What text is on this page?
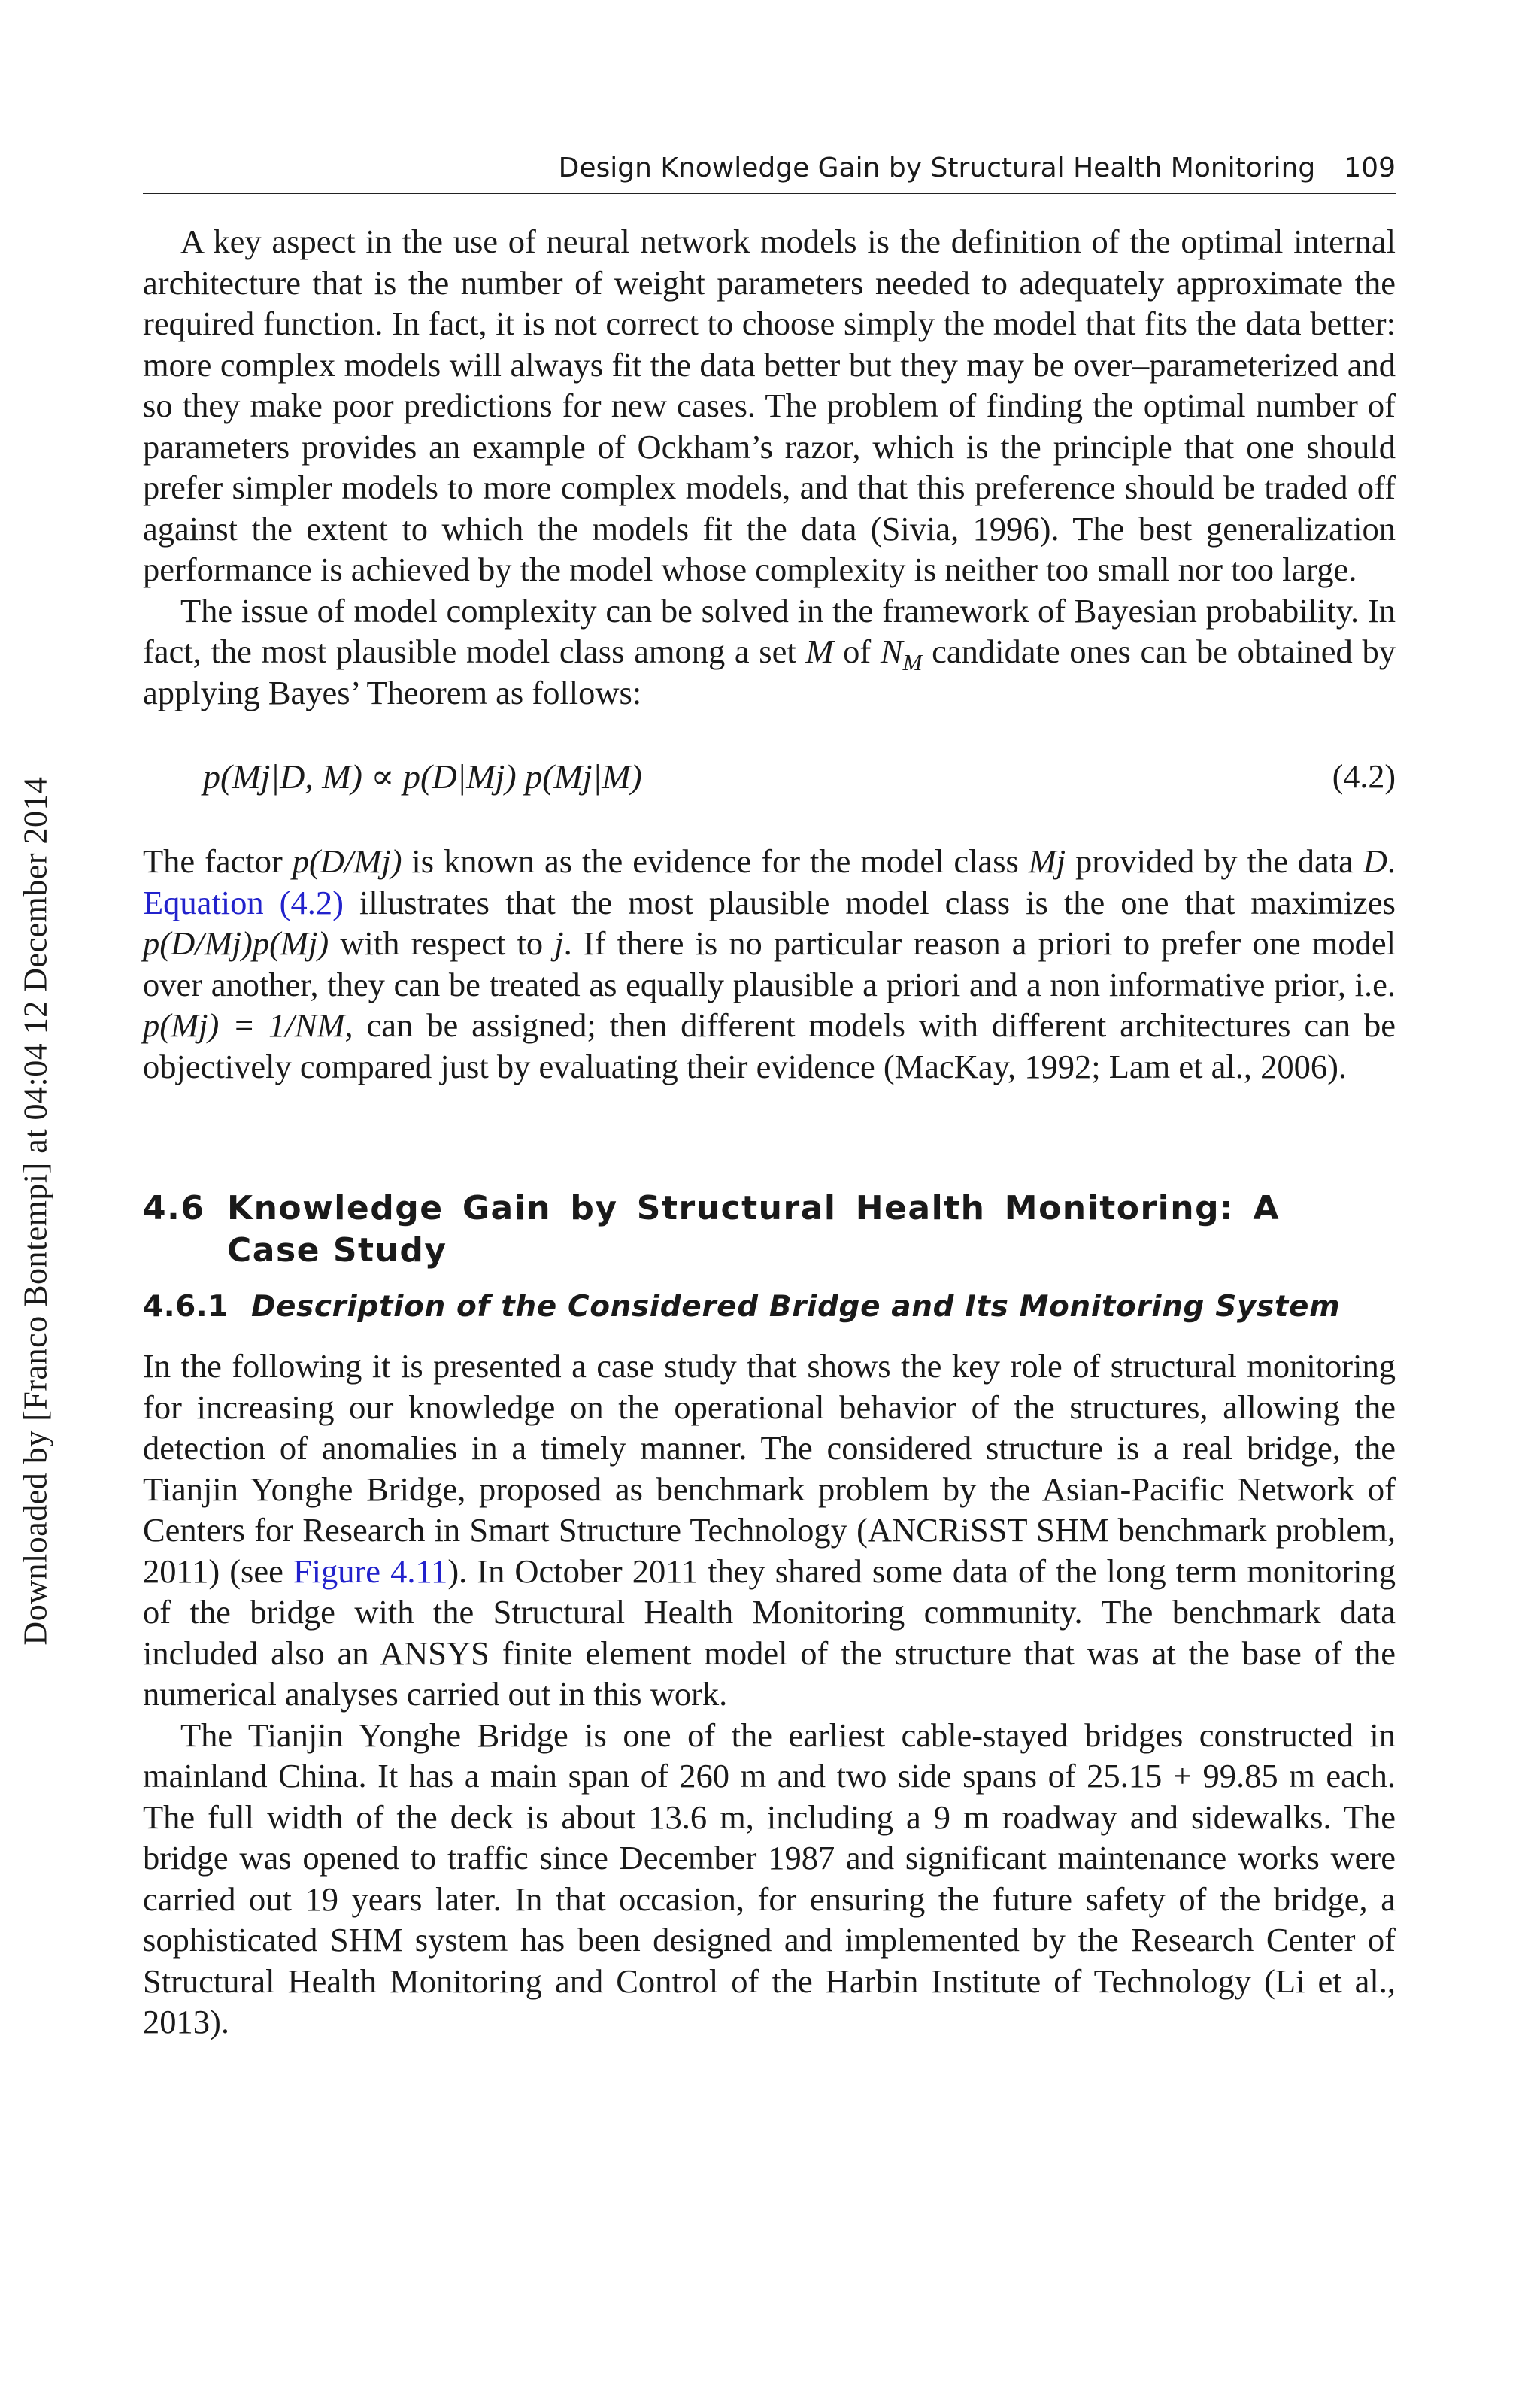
Downloaded by [Franco Bontempi] at 04:04 12 December 2014
Design Knowledge Gain by Structural Health Monitoring 109

A key aspect in the use of neural network models is the definition of the optimal internal architecture that is the number of weight parameters needed to adequately approximate the required function. In fact, it is not correct to choose simply the model that fits the data better: more complex models will always fit the data better but they may be over–parameterized and so they make poor predictions for new cases. The problem of finding the optimal number of parameters provides an example of Ockham’s razor, which is the principle that one should prefer simpler models to more complex models, and that this preference should be traded off against the extent to which the models fit the data (Sivia, 1996). The best generalization performance is achieved by the model whose complexity is neither too small nor too large.

The issue of model complexity can be solved in the framework of Bayesian probability. In fact, the most plausible model class among a set M of $N_M$ candidate ones can be obtained by applying Bayes’ Theorem as follows:

p(Mj|D, M) ∝ p(D|Mj) p(Mj|M)	(4.2)

The factor p(D/Mj) is known as the evidence for the model class Mj provided by the data D. Equation (4.2) illustrates that the most plausible model class is the one that maximizes p(D/Mj)p(Mj) with respect to j. If there is no particular reason a priori to prefer one model over another, they can be treated as equally plausible a priori and a non informative prior, i.e. p(Mj) = 1/NM, can be assigned; then different models with different architectures can be objectively compared just by evaluating their evidence (MacKay, 1992; Lam et al., 2006).

4.6 Knowledge Gain by Structural Health Monitoring: A Case Study
4.6.1 Description of the Considered Bridge and Its Monitoring System

In the following it is presented a case study that shows the key role of structural monitoring for increasing our knowledge on the operational behavior of the structures, allowing the detection of anomalies in a timely manner. The considered structure is a real bridge, the Tianjin Yonghe Bridge, proposed as benchmark problem by the Asian-Pacific Network of Centers for Research in Smart Structure Technology (ANCRiSST SHM benchmark problem, 2011) (see Figure 4.11). In October 2011 they shared some data of the long term monitoring of the bridge with the Structural Health Monitoring community. The benchmark data included also an ANSYS finite element model of the structure that was at the base of the numerical analyses carried out in this work.

The Tianjin Yonghe Bridge is one of the earliest cable-stayed bridges constructed in mainland China. It has a main span of 260 m and two side spans of 25.15 + 99.85 m each. The full width of the deck is about 13.6 m, including a 9 m roadway and sidewalks. The bridge was opened to traffic since December 1987 and significant maintenance works were carried out 19 years later. In that occasion, for ensuring the future safety of the bridge, a sophisticated SHM system has been designed and implemented by the Research Center of Structural Health Monitoring and Control of the Harbin Institute of Technology (Li et al., 2013).
